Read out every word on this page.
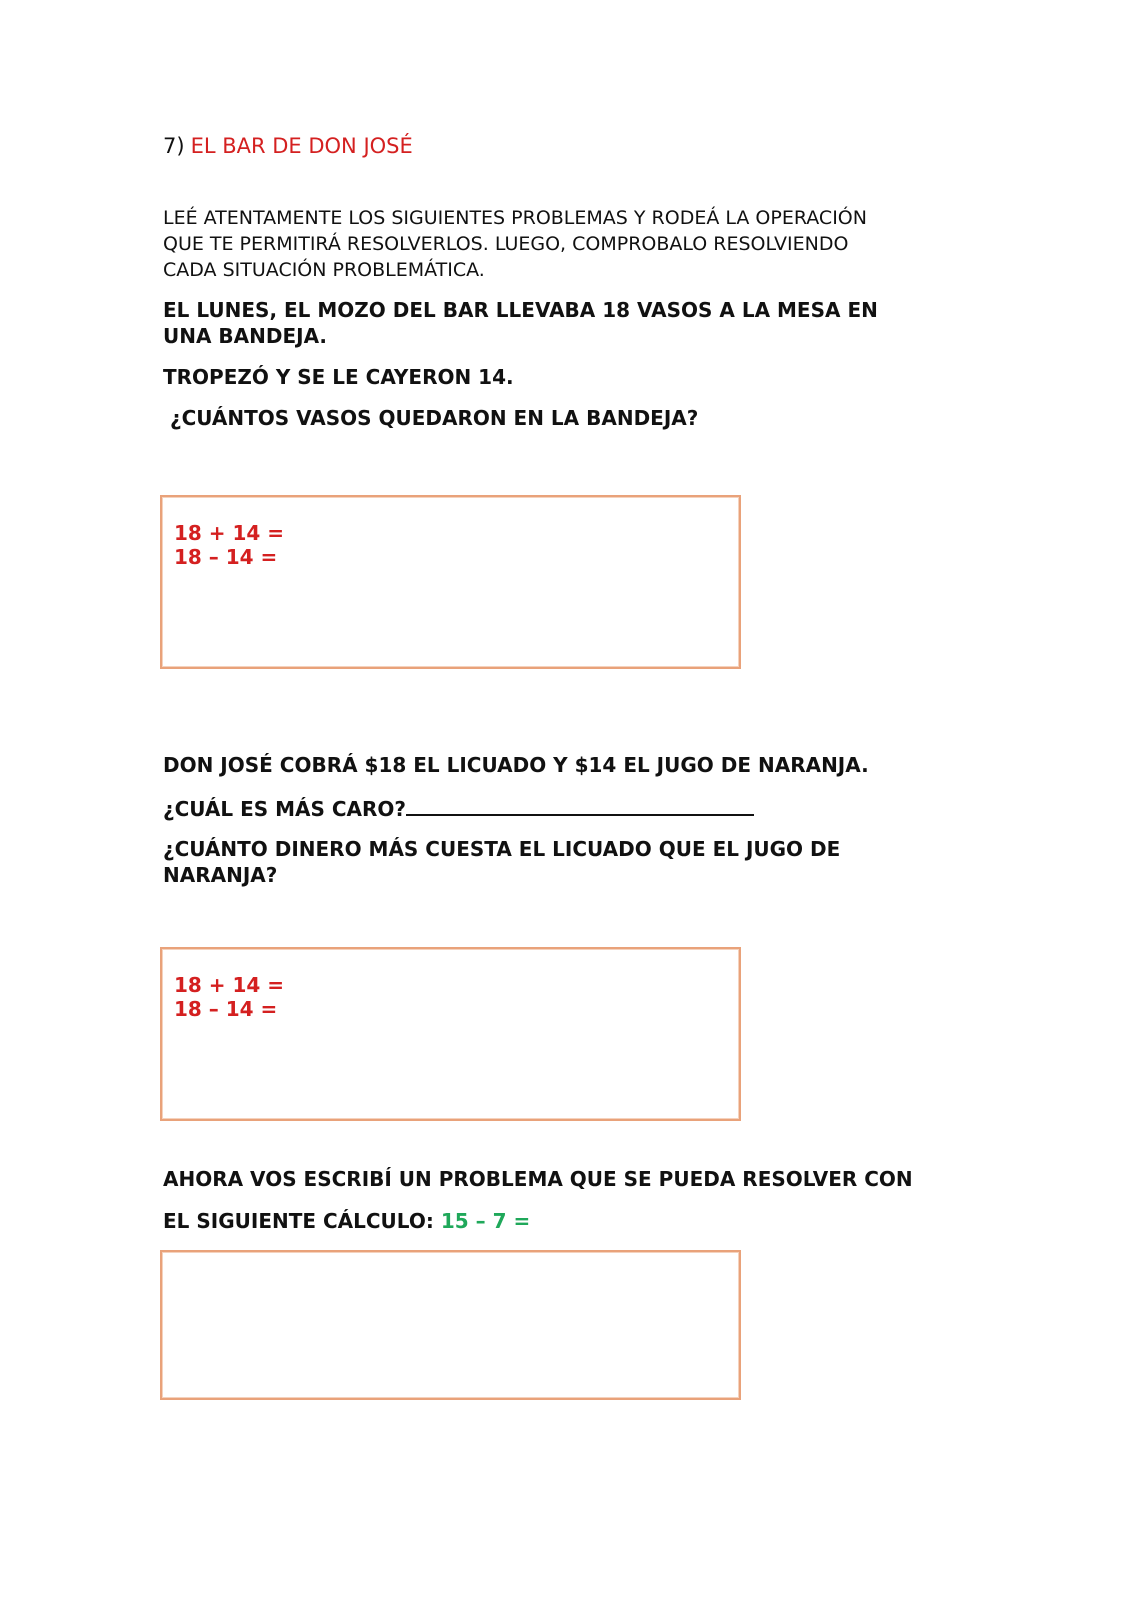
7) EL BAR DE DON JOSÉ
LEÉ ATENTAMENTE LOS SIGUIENTES PROBLEMAS Y RODEÁ LA OPERACIÓN
QUE TE PERMITIRÁ RESOLVERLOS. LUEGO, COMPROBALO RESOLVIENDO
CADA SITUACIÓN PROBLEMÁTICA.
EL LUNES, EL MOZO DEL BAR LLEVABA 18 VASOS A LA MESA EN
UNA BANDEJA.
TROPEZÓ Y SE LE CAYERON 14.
¿CUÁNTOS VASOS QUEDARON EN LA BANDEJA?
18 + 14 =
18 – 14 =
DON JOSÉ COBRÁ $18 EL LICUADO Y $14 EL JUGO DE NARANJA.
¿CUÁL ES MÁS CARO?
¿CUÁNTO DINERO MÁS CUESTA EL LICUADO QUE EL JUGO DE
NARANJA?
18 + 14 =
18 – 14 =
AHORA VOS ESCRIBÍ UN PROBLEMA QUE SE PUEDA RESOLVER CON
EL SIGUIENTE CÁLCULO: 15 – 7 =
